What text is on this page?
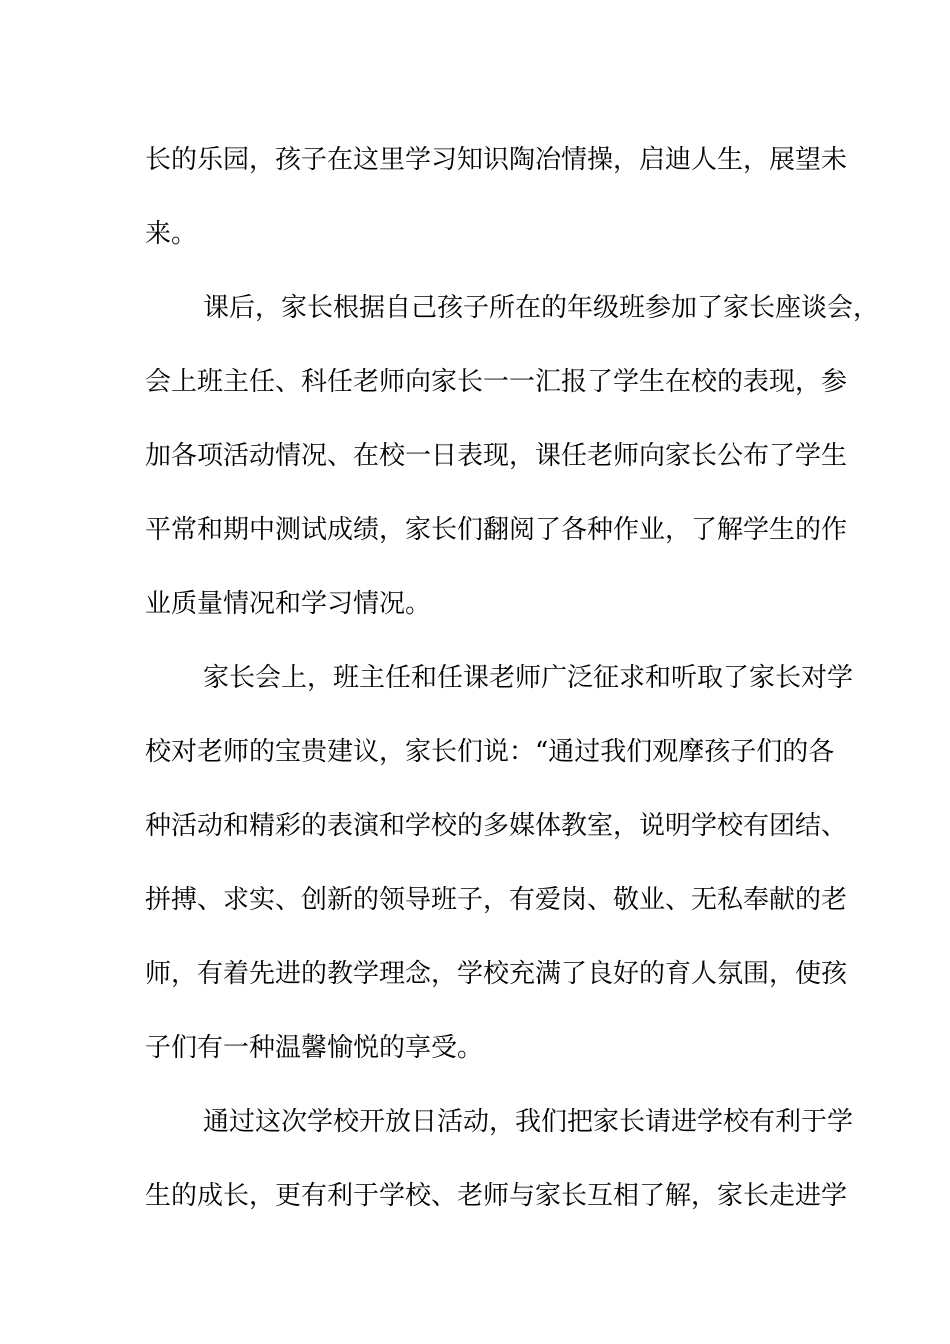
长的乐园，孩子在这里学习知识陶冶情操，启迪人生，展望未
来。
课后，家长根据自己孩子所在的年级班参加了家长座谈会，
会上班主任、科任老师向家长一一汇报了学生在校的表现，参
加各项活动情况、在校一日表现，课任老师向家长公布了学生
平常和期中测试成绩，家长们翻阅了各种作业，了解学生的作
业质量情况和学习情况。
家长会上，班主任和任课老师广泛征求和听取了家长对学
校对老师的宝贵建议，家长们说：“通过我们观摩孩子们的各
种活动和精彩的表演和学校的多媒体教室，说明学校有团结、
拼搏、求实、创新的领导班子，有爱岗、敬业、无私奉献的老
师，有着先进的教学理念，学校充满了良好的育人氛围，使孩
子们有一种温馨愉悦的享受。
通过这次学校开放日活动，我们把家长请进学校有利于学
生的成长，更有利于学校、老师与家长互相了解，家长走进学
